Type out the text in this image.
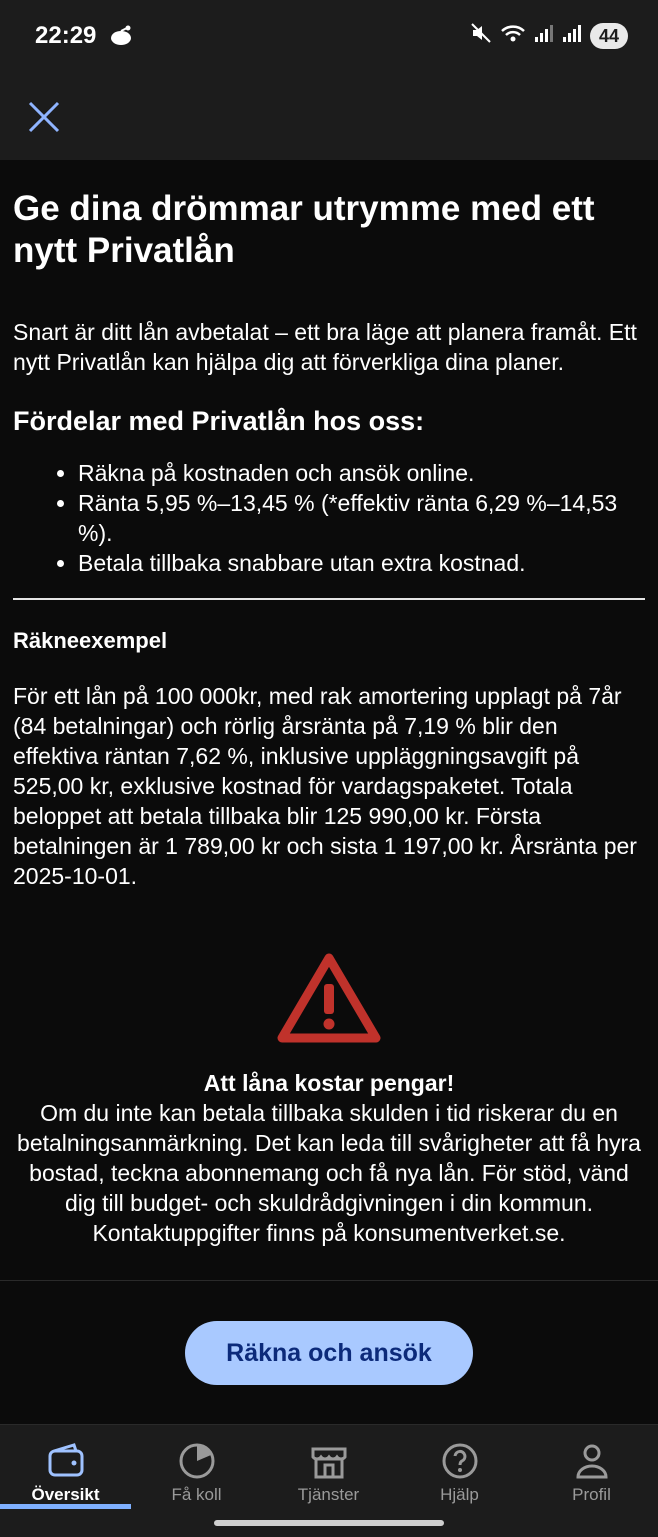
22:29	44
Ge dina drömmar utrymme med ett nytt Privatlån

Snart är ditt lån avbetalat – ett bra läge att planera framåt. Ett nytt Privatlån kan hjälpa dig att förverkliga dina planer.

Fördelar med Privatlån hos oss:
• Räkna på kostnaden och ansök online.
• Ränta 5,95 %–13,45 % (*effektiv ränta 6,29 %–14,53 %).
• Betala tillbaka snabbare utan extra kostnad.
Räkneexempel

För ett lån på 100 000kr, med rak amortering upplagt på 7år (84 betalningar) och rörlig årsränta på 7,19 % blir den effektiva räntan 7,62 %, inklusive uppläggningsavgift på 525,00 kr, exklusive kostnad för vardagspaketet. Totala beloppet att betala tillbaka blir 125 990,00 kr. Första betalningen är 1 789,00 kr och sista 1 197,00 kr. Årsränta per 2025-10-01.

Att låna kostar pengar!
Om du inte kan betala tillbaka skulden i tid riskerar du en betalningsanmärkning. Det kan leda till svårigheter att få hyra bostad, teckna abonnemang och få nya lån. För stöd, vänd dig till budget- och skuldrådgivningen i din kommun. Kontaktuppgifter finns på konsumentverket.se.
Räkna och ansök
Översikt	Få koll	Tjänster	Hjälp	Profil
